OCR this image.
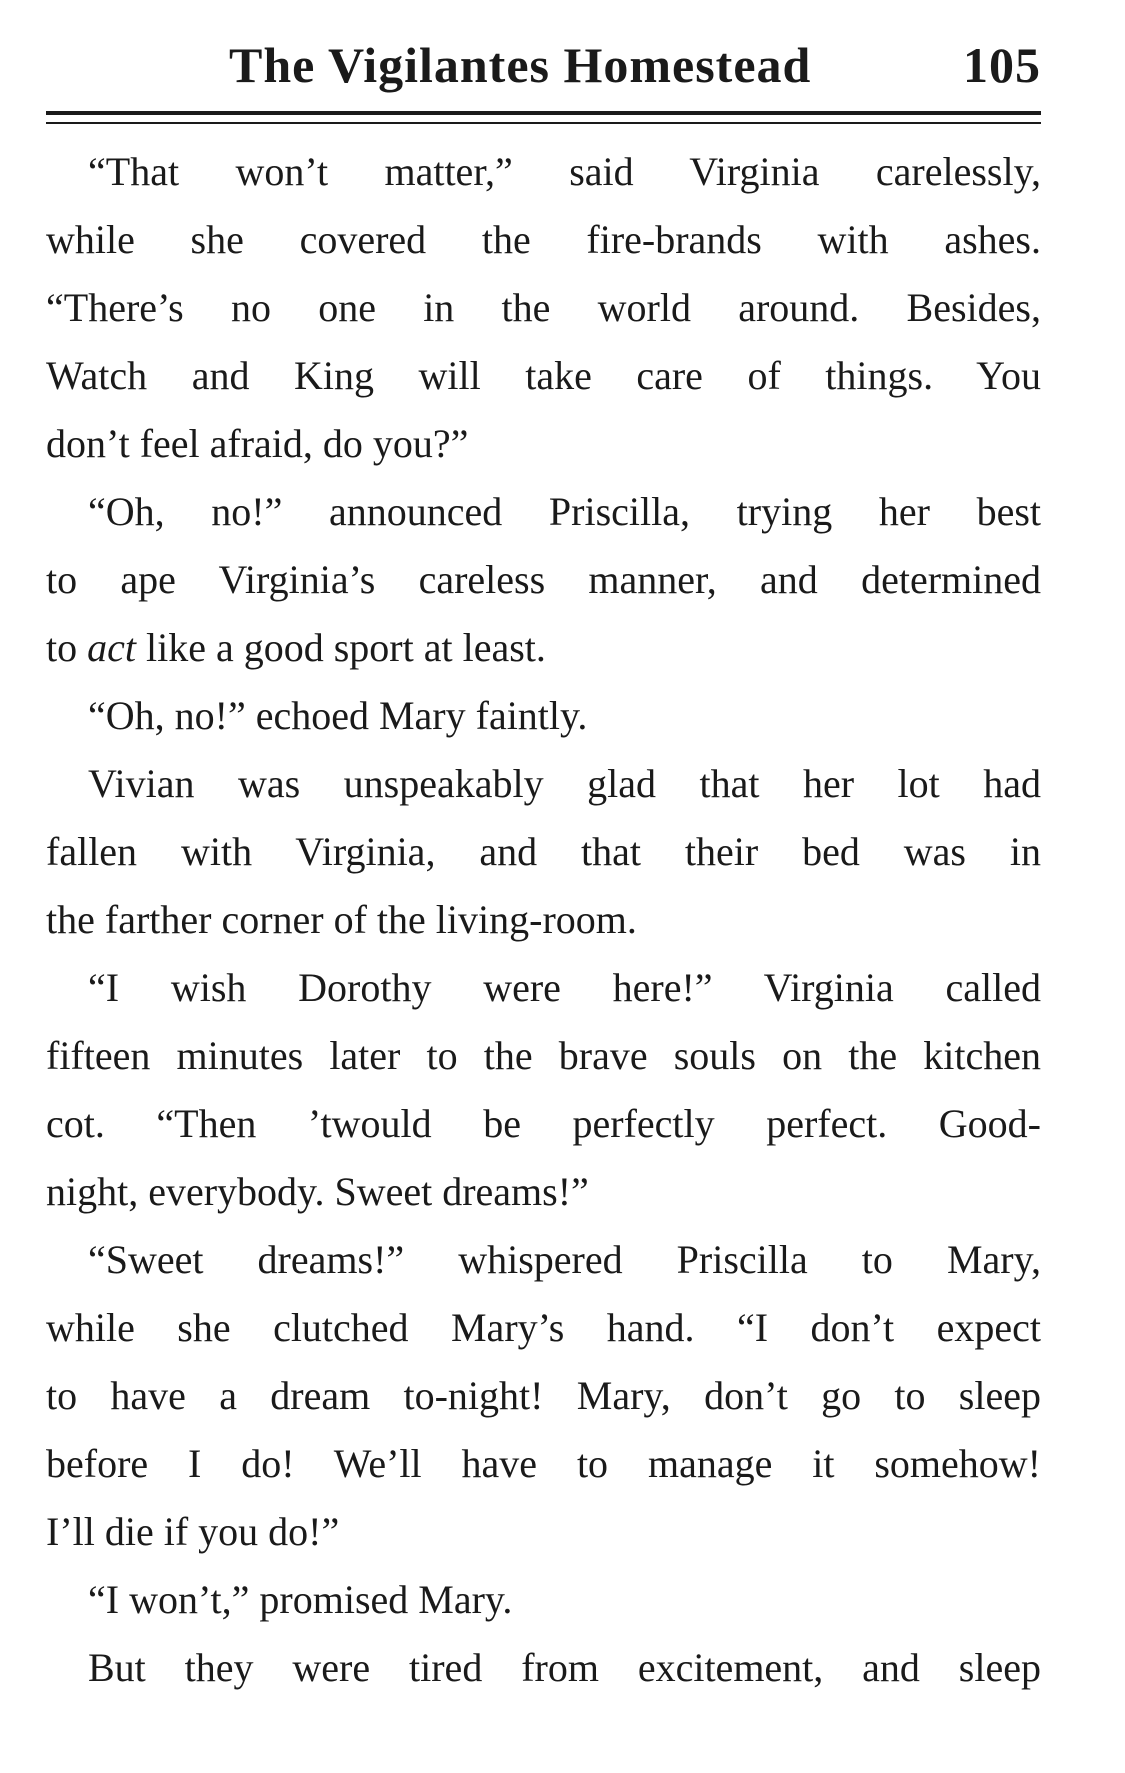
The Vigilantes Homestead	105
“That won’t matter,” said Virginia carelessly,
while she covered the fire-brands with ashes.
“There’s no one in the world around. Besides,
Watch and King will take care of things. You
don’t feel afraid, do you?”
“Oh, no!” announced Priscilla, trying her best
to ape Virginia’s careless manner, and determined
to act like a good sport at least.
“Oh, no!” echoed Mary faintly.
Vivian was unspeakably glad that her lot had
fallen with Virginia, and that their bed was in
the farther corner of the living-room.
“I wish Dorothy were here!” Virginia called
fifteen minutes later to the brave souls on the kitchen
cot. “Then ’twould be perfectly perfect. Good-
night, everybody. Sweet dreams!”
“Sweet dreams!” whispered Priscilla to Mary,
while she clutched Mary’s hand. “I don’t expect
to have a dream to-night! Mary, don’t go to sleep
before I do! We’ll have to manage it somehow!
I’ll die if you do!”
“I won’t,” promised Mary.
But they were tired from excitement, and sleep
